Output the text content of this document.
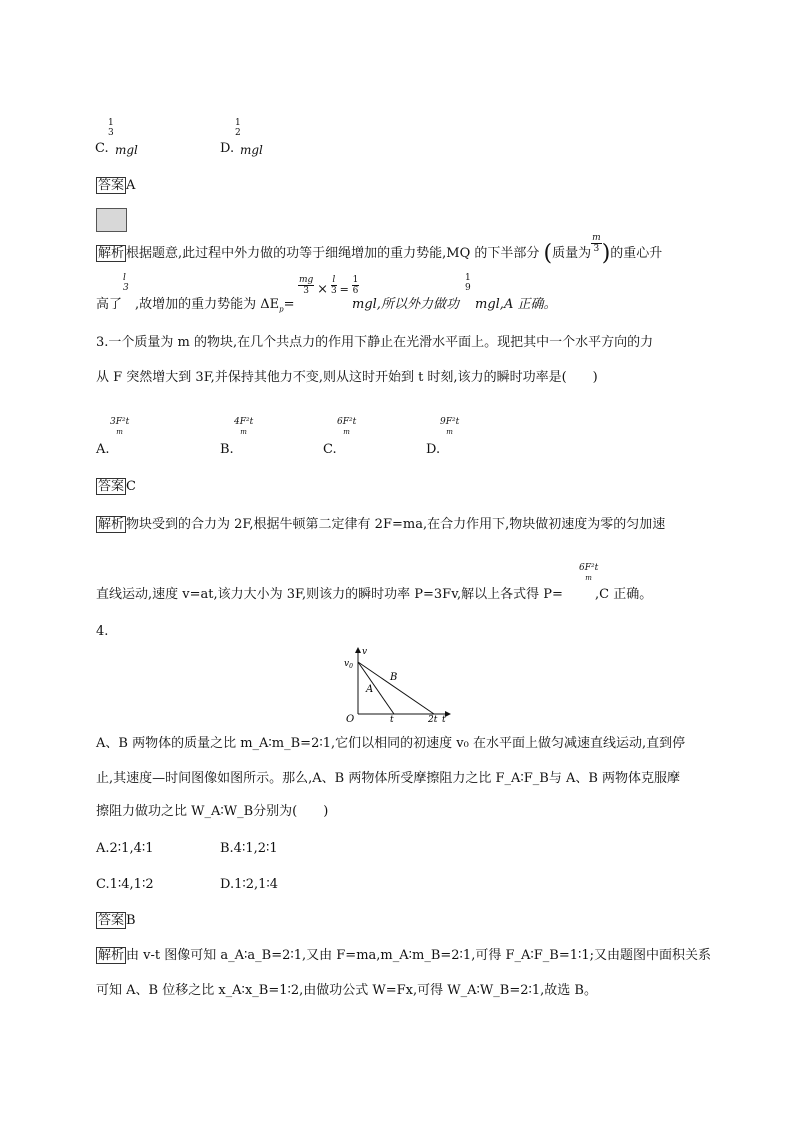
1
3
C. mgl
1
2
D. mgl
答案 A
解析 根据题意,此过程中外力做的功等于细绳增加的重力势能,MQ 的下半部分 (质量为 $\frac{m}{3}$ )的重心升
高了
l
3
,故增加的重力势能为 $\Delta E_p=$
$\frac{mg}{3} \times \frac{l}{3} = \frac{1}{6}$
mgl,所以外力做功
1
9
mgl,A 正确。
3.一个质量为 m 的物块,在几个共点力的作用下静止在光滑水平面上。现把其中一个水平方向的力
从 F 突然增大到 3F,并保持其他力不变,则从这时开始到 t 时刻,该力的瞬时功率是(　　)
3F²t
m
A.
4F²t
m
B.
6F²t
m
C.
9F²t
m
D.
答案 C
解析 物块受到的合力为 2F,根据牛顿第二定律有 2F=ma,在合力作用下,物块做初速度为零的匀加速
直线运动,速度 v=at,该力大小为 3F,则该力的瞬时功率 P=3Fv,解以上各式得 P=
6F²t
m
,C 正确。
4.
v
$v_0$
O	t	2t t
A
B
A、B 两物体的质量之比 m_A∶m_B=2∶1,它们以相同的初速度 v₀ 在水平面上做匀减速直线运动,直到停
止,其速度—时间图像如图所示。那么,A、B 两物体所受摩擦阻力之比 F_A∶F_B与 A、B 两物体克服摩
擦阻力做功之比 W_A∶W_B分别为(　　)
A.2∶1,4∶1	B.4∶1,2∶1
C.1∶4,1∶2	D.1∶2,1∶4
答案 B
解析 由 v-t 图像可知 a_A∶a_B=2∶1,又由 F=ma,m_A∶m_B=2∶1,可得 F_A∶F_B=1∶1;又由题图中面积关系
可知 A、B 位移之比 x_A∶x_B=1∶2,由做功公式 W=Fx,可得 W_A∶W_B=2∶1,故选 B。
